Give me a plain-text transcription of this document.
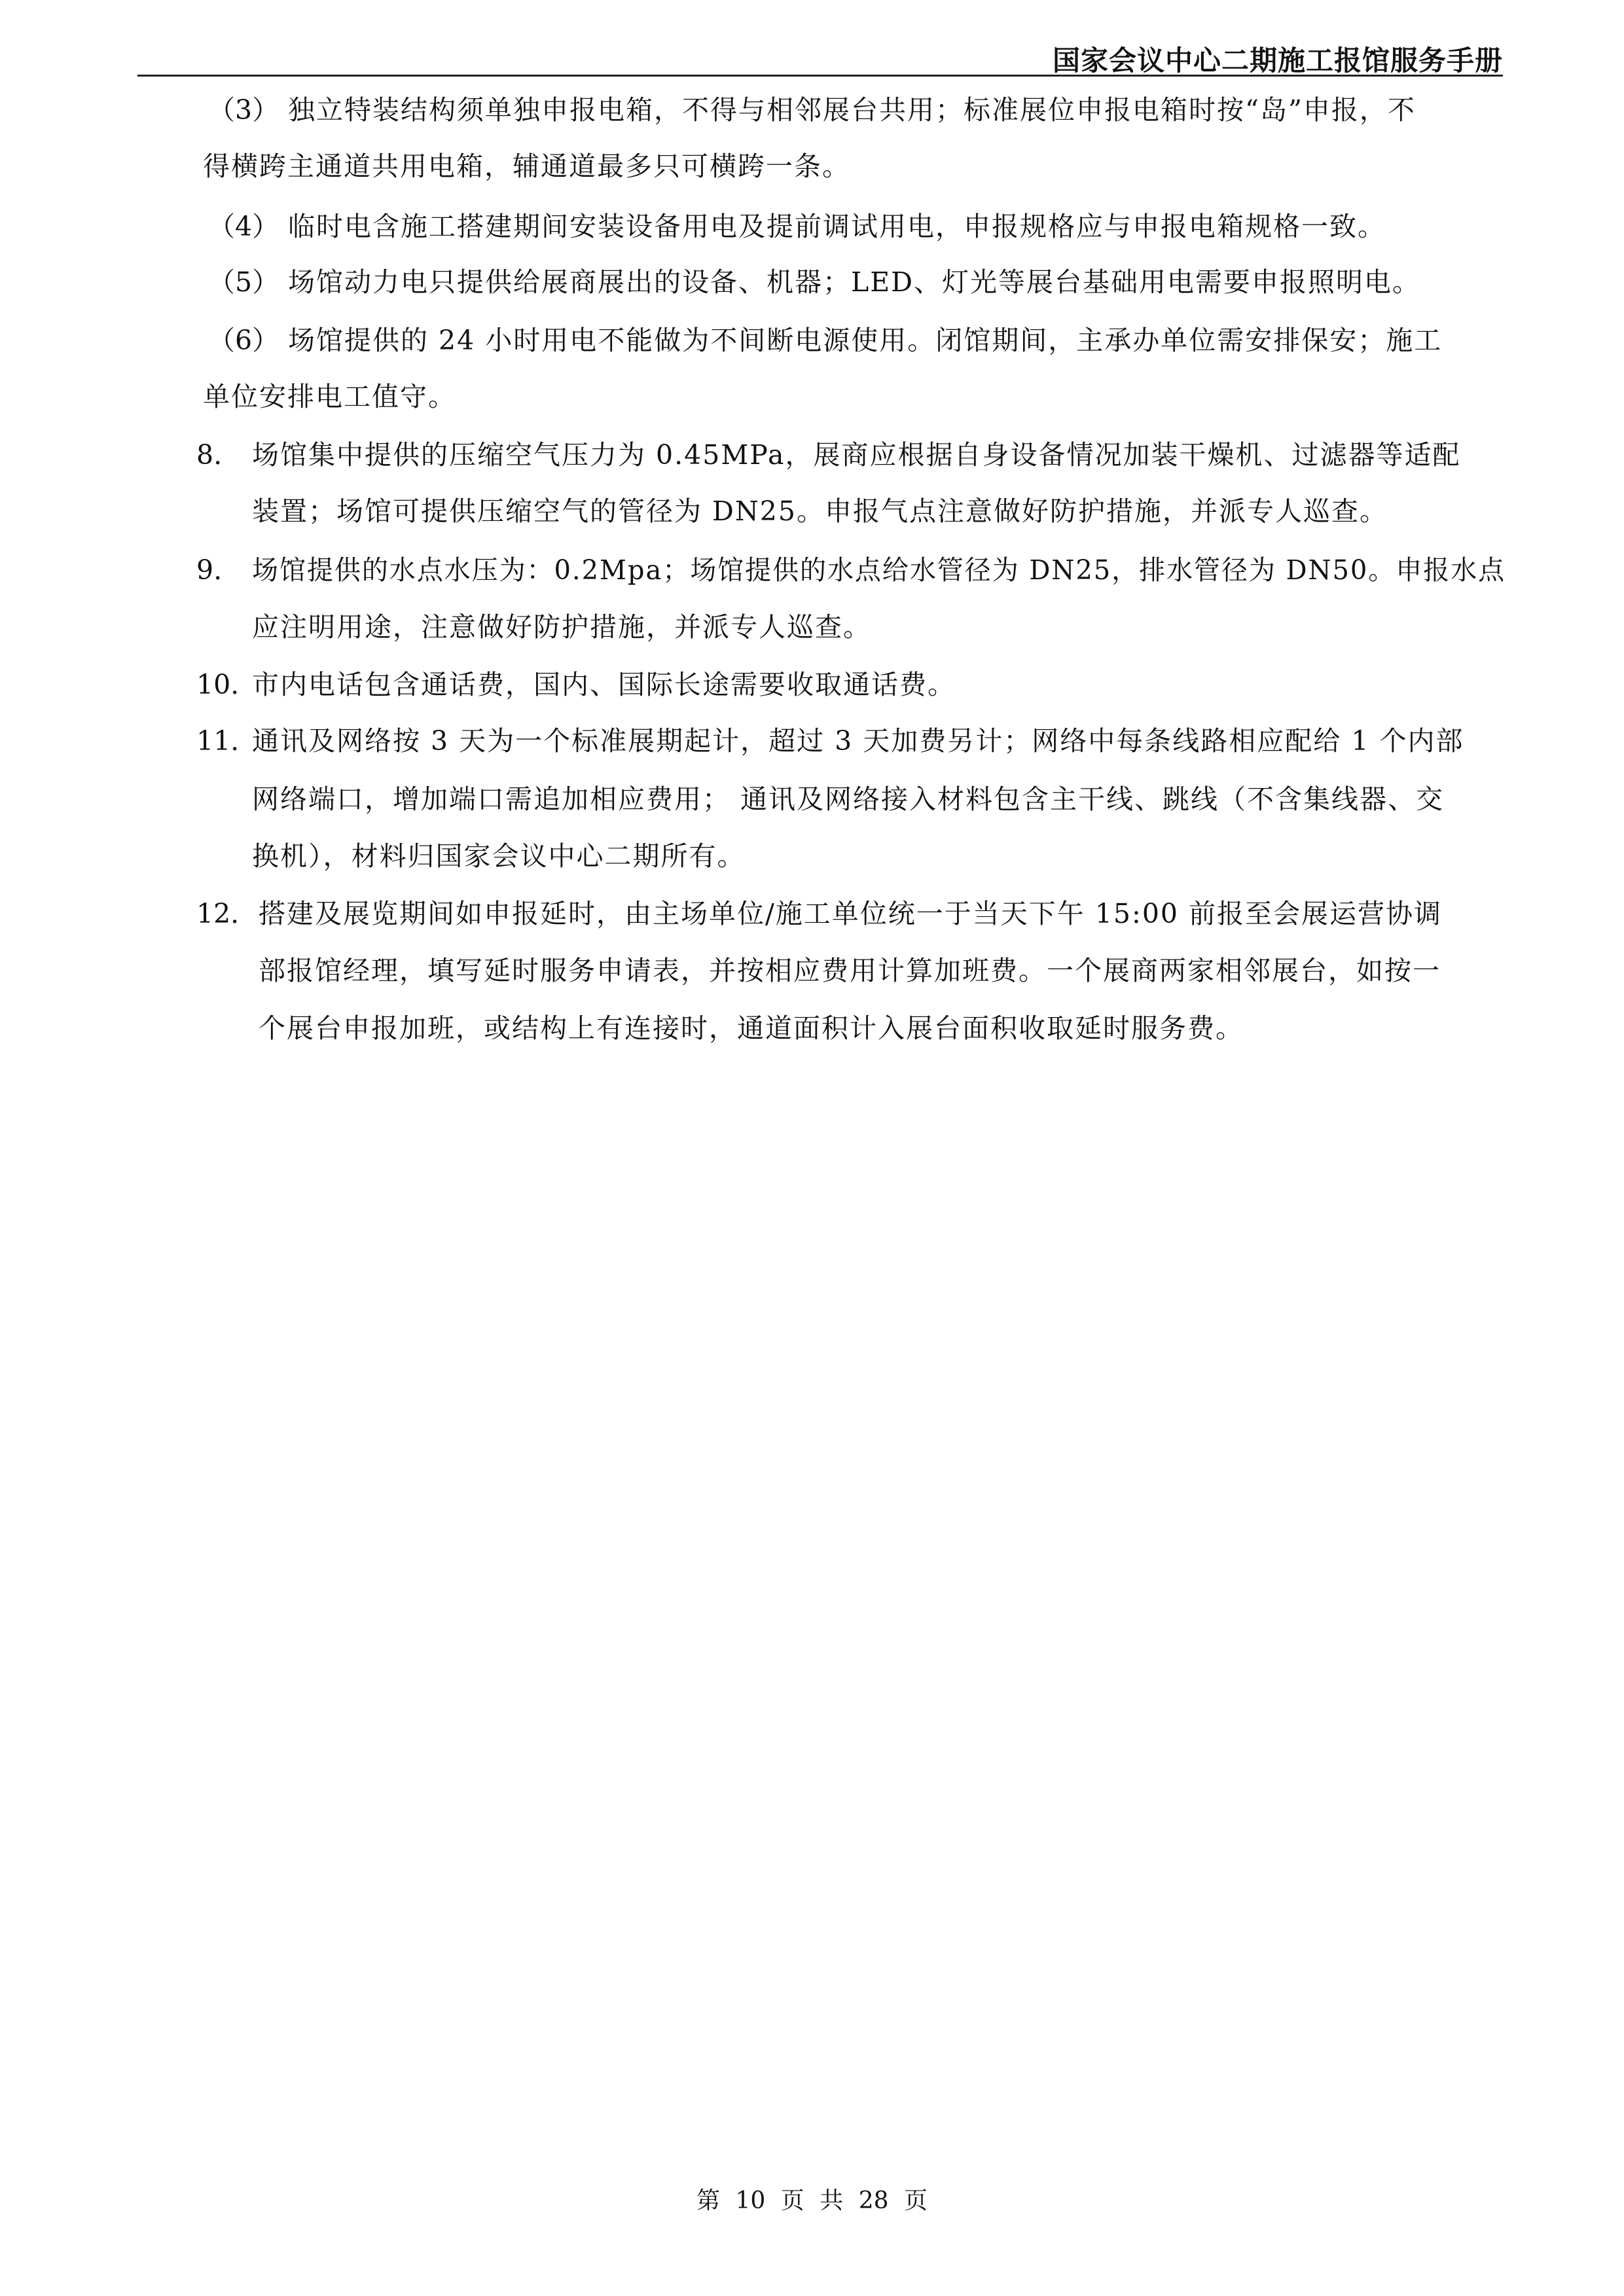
国家会议中心二期施工报馆服务手册
（3） 独立特装结构须单独申报电箱，不得与相邻展台共用；标准展位申报电箱时按“岛”申报，不
得横跨主通道共用电箱，辅通道最多只可横跨一条。
（4） 临时电含施工搭建期间安装设备用电及提前调试用电，申报规格应与申报电箱规格一致。
（5） 场馆动力电只提供给展商展出的设备、机器；LED、灯光等展台基础用电需要申报照明电。
（6） 场馆提供的 24 小时用电不能做为不间断电源使用。闭馆期间，主承办单位需安排保安；施工
单位安排电工值守。
8. 场馆集中提供的压缩空气压力为 0.45MPa，展商应根据自身设备情况加装干燥机、过滤器等适配
装置；场馆可提供压缩空气的管径为 DN25。申报气点注意做好防护措施，并派专人巡查。
9. 场馆提供的水点水压为：0.2Mpa；场馆提供的水点给水管径为 DN25，排水管径为 DN50。申报水点
应注明用途，注意做好防护措施，并派专人巡查。
10. 市内电话包含通话费，国内、国际长途需要收取通话费。
11. 通讯及网络按 3 天为一个标准展期起计，超过 3 天加费另计；网络中每条线路相应配给 1 个内部
网络端口，增加端口需追加相应费用； 通讯及网络接入材料包含主干线、跳线（不含集线器、交
换机），材料归国家会议中心二期所有。
12. 搭建及展览期间如申报延时，由主场单位/施工单位统一于当天下午 15:00 前报至会展运营协调
部报馆经理，填写延时服务申请表，并按相应费用计算加班费。一个展商两家相邻展台，如按一
个展台申报加班，或结构上有连接时，通道面积计入展台面积收取延时服务费。
第 10 页 共 28 页
